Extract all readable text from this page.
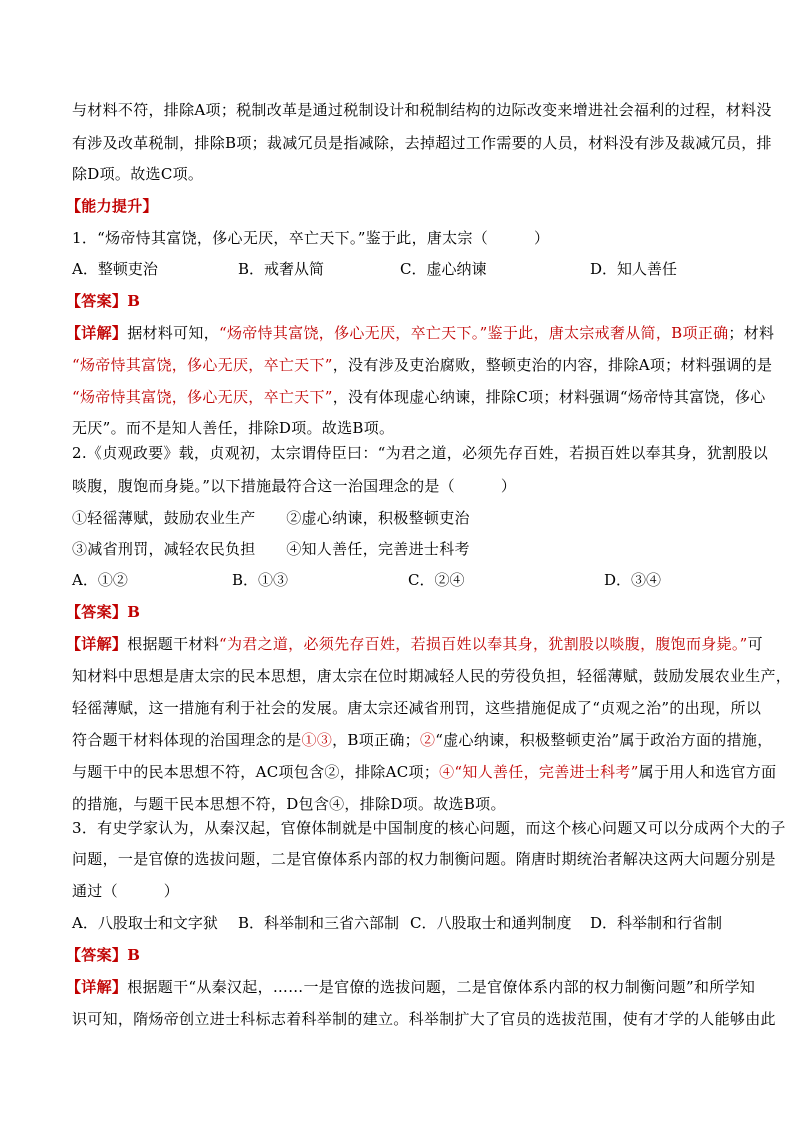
与材料不符，排除A项；税制改革是通过税制设计和税制结构的边际改变来增进社会福利的过程，材料没
有涉及改革税制，排除B项；裁减冗员是指减除，去掉超过工作需要的人员，材料没有涉及裁减冗员，排
除D项。故选C项。
【能力提升】
1．“炀帝恃其富饶，侈心无厌，卒亡天下。”鉴于此，唐太宗（　　　）
A．整顿吏治	B．戒奢从简	C．虚心纳谏	D．知人善任
【答案】B
【详解】据材料可知，“炀帝恃其富饶，侈心无厌，卒亡天下。”鉴于此，唐太宗戒奢从简，B项正确；材料
“炀帝恃其富饶，侈心无厌，卒亡天下”，没有涉及吏治腐败，整顿吏治的内容，排除A项；材料强调的是
“炀帝恃其富饶，侈心无厌，卒亡天下”，没有体现虚心纳谏，排除C项；材料强调“炀帝恃其富饶，侈心
无厌”。而不是知人善任，排除D项。故选B项。
2.《贞观政要》载，贞观初，太宗谓侍臣曰：“为君之道，必须先存百姓，若损百姓以奉其身，犹割股以
啖腹，腹饱而身毙。”以下措施最符合这一治国理念的是（　　　）
①轻徭薄赋，鼓励农业生产　　②虚心纳谏，积极整顿吏治
③减省刑罚，减轻农民负担　　④知人善任，完善进士科考
A．①②	B．①③	C．②④	D．③④
【答案】B
【详解】根据题干材料“为君之道，必须先存百姓，若损百姓以奉其身，犹割股以啖腹，腹饱而身毙。”可
知材料中思想是唐太宗的民本思想，唐太宗在位时期减轻人民的劳役负担，轻徭薄赋，鼓励发展农业生产，
轻徭薄赋，这一措施有利于社会的发展。唐太宗还减省刑罚，这些措施促成了“贞观之治”的出现，所以
符合题干材料体现的治国理念的是①③，B项正确；②“虚心纳谏，积极整顿吏治”属于政治方面的措施，
与题干中的民本思想不符，AC项包含②，排除AC项；④“知人善任，完善进士科考”属于用人和选官方面
的措施，与题干民本思想不符，D包含④，排除D项。故选B项。
3．有史学家认为，从秦汉起，官僚体制就是中国制度的核心问题，而这个核心问题又可以分成两个大的子
问题，一是官僚的选拔问题，二是官僚体系内部的权力制衡问题。隋唐时期统治者解决这两大问题分别是
通过（　　　）
A．八股取士和文字狱 B．科举制和三省六部制 C．八股取士和通判制度 D．科举制和行省制
【答案】B
【详解】根据题干“从秦汉起，……一是官僚的选拔问题，二是官僚体系内部的权力制衡问题”和所学知
识可知，隋炀帝创立进士科标志着科举制的建立。科举制扩大了官员的选拔范围，使有才学的人能够由此
